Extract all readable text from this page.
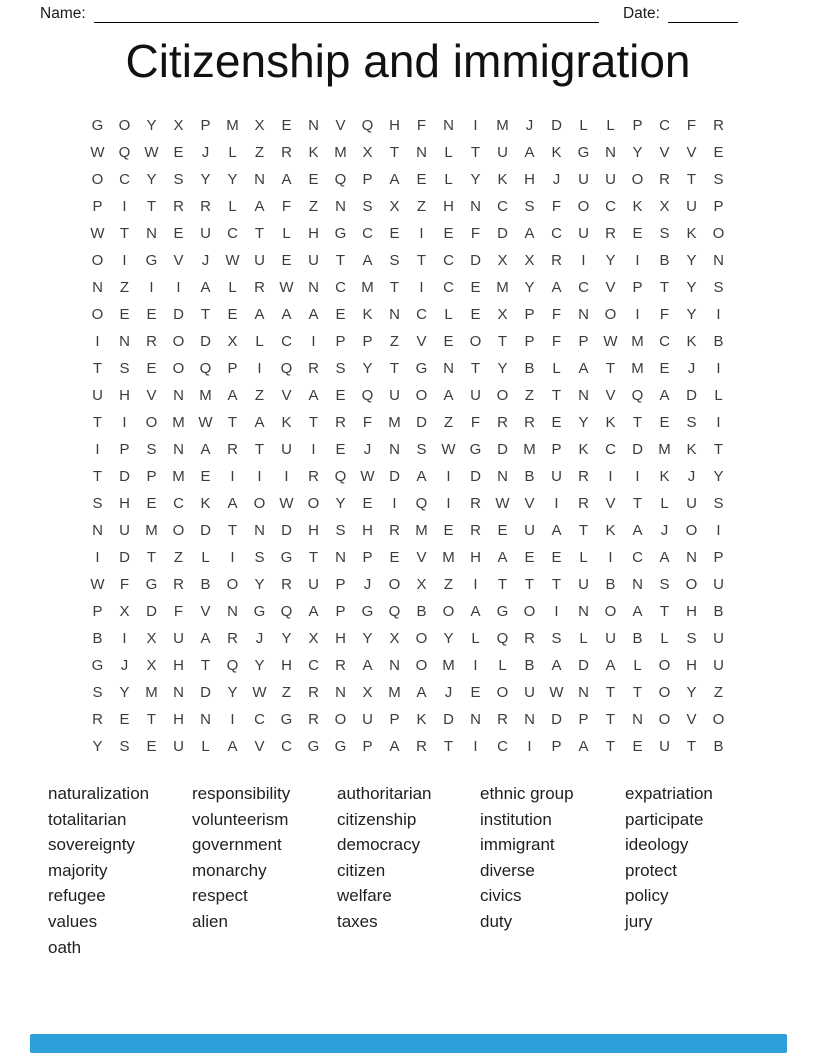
Name:	Date:
Citizenship and immigration
G	O	Y	X	P	M	X	E	N	V	Q	H	F	N	I	M	J	D	L	L	P	C	F	R
W Q W E	J	L	Z	R	K	M	X	T	N	L	T	U	A	K	G	N	Y	V	V	E
O	C	Y	S	Y	Y	N	A	E	Q	P	A	E	L	Y	K	H	J	U	U	O	R	T	S
P	I	T	R	R	L	A	F	Z	N	S	X	Z	H	N	C	S	F	O	C	K	X	U	P
W	T	N	E	U	C	T	L	H	G	C	E	I	E	F	D	A	C	U	R	E	S	K	O
O	I	G	V	J	W U	E	U	T	A	S	T	C	D	X	X	R	I	Y	I	B	Y	N
N	Z	I	I	A	L	R W N	C	M	T	I	C	E	M	Y	A	C	V	P	T	Y	S
O	E	E	D	T	E	A	A	A	E	K	N	C	L	E	X	P	F	N	O	I	F	Y	I
I	N	R	O	D	X	L	C	I	P	P	Z	V	E	O	T	P	F	P W M	C	K	B
T	S	E	O	Q	P	I	Q	R	S	Y	T	G	N	T	Y	B	L	A	T	M	E	J	I
U	H	V	N	M	A	Z	V	A	E	Q	U	O	A	U	O	Z	T	N	V	Q	A	D	L
T	I	O M W	T	A	K	T	R	F	M	D	Z	F	R	R	E	Y	K	T	E	S	I
I	P	S	N	A	R	T	U	I	E	J	N	S W G	D	M	P	K	C	D	M	K	T
T	D	P	M	E	I	I	I	R	Q W D	A	I	D	N	B	U	R	I	I	K	J	Y
S	H	E	C	K	A	O W O	Y	E	I	Q	I	R W V	I	R	V	T	L	U	S
N	U	M O	D	T	N	D	H	S	H	R	M	E	R	E	U	A	T	K	A	J	O	I
I	D	T	Z	L	I	S	G	T	N	P	E	V	M	H	A	E	E	L	I	C	A	N	P
W	F	G	R	B	O	Y	R	U	P	J	O	X	Z	I	T	T	T	U	B	N	S	O	U
P	X	D	F	V	N	G	Q	A	P	G	Q	B	O	A	G	O	I	N	O	A	T	H	B
B	I	X	U	A	R	J	Y	X	H	Y	X	O	Y	L	Q	R	S	L	U	B	L	S	U
G	J	X	H	T	Q	Y	H	C	R	A	N	O M	I	L	B	A	D	A	L	O	H	U
S	Y	M	N	D	Y W	Z	R	N	X	M	A	J	E	O	U W N	T	T	O	Y	Z
R	E	T	H	N	I	C	G	R	O	U	P	K	D	N	R	N	D	P	T	N	O	V	O
Y	S	E	U	L	A	V	C	G	G	P	A	R	T	I	C	I	P	A	T	E	U	T	B
naturalization
totalitarian
sovereignty
majority
refugee
values
oath
responsibility
volunteerism
government
monarchy
respect
alien
authoritarian
citizenship
democracy
citizen
welfare
taxes
ethnic group
institution
immigrant
diverse
civics
duty
expatriation
participate
ideology
protect
policy
jury
